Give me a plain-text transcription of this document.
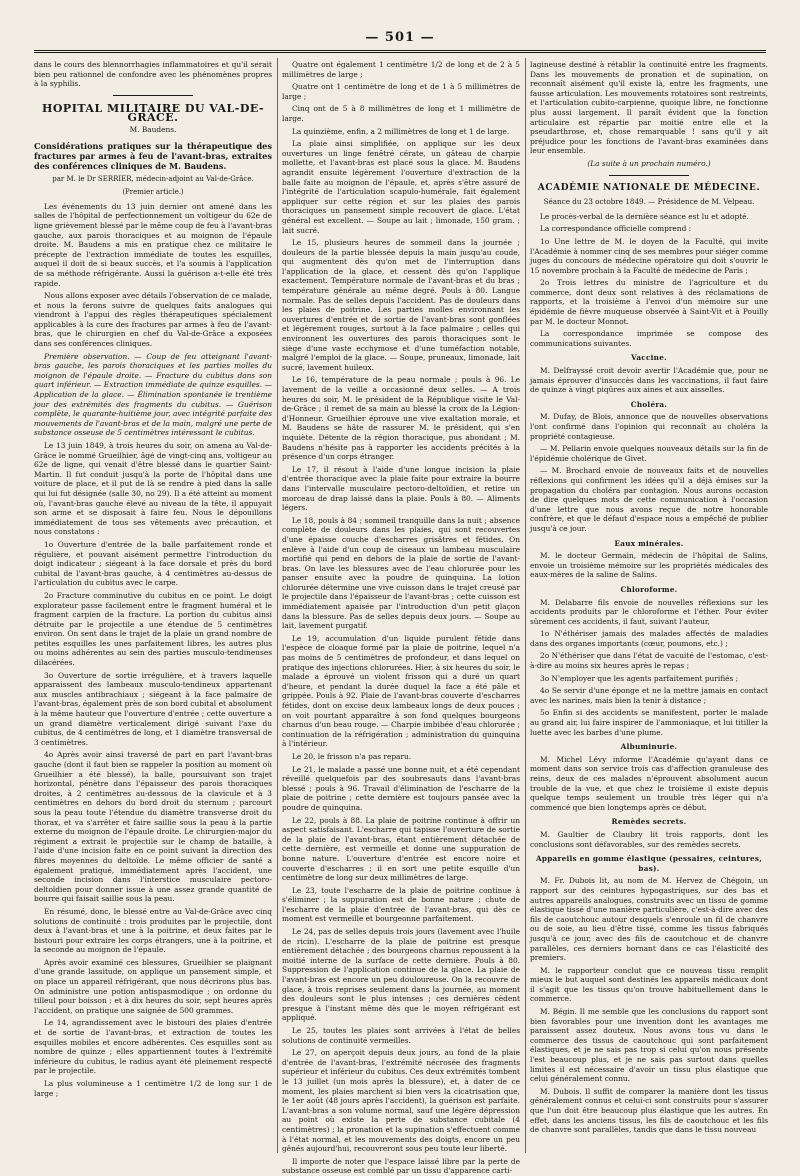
— 501 —

dans le cours des blennorrhagies inflammatoires et qu'il serait bien peu rationnel de confondre avec les phénomènes propres à la syphilis.

HOPITAL MILITAIRE DU VAL-DE-GRACE.
M. Baudens.

Considérations pratiques sur la thérapeutique des fractures par armes à feu de l'avant-bras, extraites des conférences cliniques de M. Baudens.

par M. le Dr SERRIER, médecin-adjoint au Val-de-Grâce.
(Premier article.)

Les événements du 13 juin dernier ont amené dans les salles de l'hôpital de perfectionnement un voltigeur du 62e de ligne grièvement blessé par le même coup de feu à l'avant-bras gauche, aux parois thoraciques et au moignon de l'épaule droite. M. Baudens a mis en pratique chez ce militaire le précepte de l'extraction immédiate de toutes les esquilles, auquel il doit de si beaux succès, et l'a soumis à l'application de sa méthode réfrigérante. Aussi la guérison a-t-elle été très rapide.

Nous allons exposer avec détails l'observation de ce malade, et nous la ferons suivre de quelques faits analogues qui viendront à l'appui des règles thérapeutiques spécialement applicables à la cure des fractures par armes à feu de l'avant-bras, que le chirurgien en chef du Val-de-Grâce a exposées dans ses conférences cliniques.

Première observation. — Coup de feu atteignant l'avant-bras gauche, les parois thoraciques et les parties molles du moignon de l'épaule droite. — Fracture du cubitus dans son quart inférieur. — Extraction immédiate de quinze esquilles. — Application de la glace. — Élimination spontanée le trentième jour des extrémités des fragments du cubitus. — Guérison complète, le quarante-huitième jour, avec intégrité parfaite des mouvements de l'avant-bras et de la main, malgré une perte de substance osseuse de 5 centimètres intéressant le cubitus.

Le 13 juin 1849, à trois heures du soir, on amena au Val-de-Grâce le nommé Grueilhier, âgé de vingt-cinq ans, voltigeur au 62e de ligne, qui venait d'être blessé dans le quartier Saint-Martin. Il fut conduit jusqu'à la porte de l'hôpital dans une voiture de place, et il put de là se rendre à pied dans la salle qui lui fut désignée (salle 30, no 29). Il a été atteint au moment où, l'avant-bras gauche élevé au niveau de la tête, il appuyait son arme et se disposait à faire feu. Nous le dépouillons immédiatement de tous ses vêtements avec précaution, et nous constatons :

1o Ouverture d'entrée de la balle parfaitement ronde et régulière, et pouvant aisément permettre l'introduction du doigt indicateur ; siégeant à la face dorsale et près du bord cubital de l'avant-bras gauche, à 4 centimètres au-dessus de l'articulation du cubitus avec le carpe.

2o Fracture comminutive du cubitus en ce point. Le doigt explorateur passe facilement entre le fragment huméral et le fragment carpien de la fracture. La portion du cubitus ainsi détruite par le projectile a une étendue de 5 centimètres environ. On sent dans le trajet de la plaie un grand nombre de petites esquilles les unes parfaitement libres, les autres plus ou moins adhérentes au sein des parties musculo-tendineuses dilacérées.

3o Ouverture de sortie irrégulière, et à travers laquelle apparaissent des lambeaux musculo-tendineux appartenant aux muscles antibrachiaux ; siégeant à la face palmaire de l'avant-bras, également près de son bord cubital et absolument à la même hauteur que l'ouverture d'entrée ; cette ouverture a un grand diamètre verticalement dirigé suivant l'axe du cubitus, de 4 centimètres de long, et 1 diamètre transversal de 3 centimètres.

4o Après avoir ainsi traversé de part en part l'avant-bras gauche (dont il faut bien se rappeler la position au moment où Grueilhier a été blessé), la balle, poursuivant son trajet horizontal, pénètre dans l'épaisseur des parois thoraciques droites, à 2 centimètres au-dessous de la clavicule et à 3 centimètres en dehors du bord droit du sternum ; parcourt sous la peau toute l'étendue du diamètre transverse droit du thorax, et va s'arrêter et faire saillie sous la peau à la partie externe du moignon de l'épaule droite. Le chirurgien-major du régiment a extrait le projectile sur le champ de bataille, à l'aide d'une incision faite en ce point suivant la direction des fibres moyennes du deltoïde. Le même officier de santé a également pratiqué, immédiatement après l'accident, une seconde incision dans l'interstice musculaire pectoro-deltoïdien pour donner issue à une assez grande quantité de bourre qui faisait saillie sous la peau.

En résumé, donc, le blessé entre au Val-de-Grâce avec cinq solutions de continuité : trois produites par le projectile, dont deux à l'avant-bras et une à la poitrine, et deux faites par le bistouri pour extraire les corps étrangers, une à la poitrine, et la seconde au moignon de l'épaule.

Après avoir examiné ces blessures, Grueilhier se plaignant d'une grande lassitude, on applique un pansement simple, et on place un appareil réfrigérant, que nous décrirons plus bas. On administre une potion antispasmodique ; on ordonne du tilleul pour boisson ; et à dix heures du soir, sept heures après l'accident, on pratique une saignée de 500 grammes.

Le 14, agrandissement avec le bistouri des plaies d'entrée et de sortie de l'avant-bras, et extraction de toutes les esquilles mobiles et encore adhérentes. Ces esquilles sont au nombre de quinze ; elles appartiennent toutes à l'extrémité inférieure du cubitus, le radius ayant été pleinement respecté par le projectile.

La plus volumineuse a 1 centimètre 1/2 de long sur 1 de large ;

Quatre ont également 1 centimètre 1/2 de long et de 2 à 5 millimètres de large ;

Quatre ont 1 centimètre de long et de 1 à 5 millimètres de large ;

Cinq ont de 5 à 8 millimètres de long et 1 millimètre de large.

La quinzième, enfin, a 2 millimètres de long et 1 de large.

La plaie ainsi simplifiée, on applique sur les deux ouvertures un linge fenêtré cérate, un gâteau de charpie mollette, et l'avant-bras est placé sous la glace. M. Baudens agrandit ensuite légèrement l'ouverture d'extraction de la balle faite au moignon de l'épaule, et, après s'être assuré de l'intégrité de l'articulation scapulo-humérale, fait également appliquer sur cette région et sur les plaies des parois thoraciques un pansement simple recouvert de glace. L'état général est excellent. — Soupe au lait ; limonade, 150 gram. ; lait sucré.

Le 15, plusieurs heures de sommeil dans la journée ; douleurs de la partie blessée depuis la main jusqu'au coude, qui augmentent dès qu'on met de l'interruption dans l'application de la glace, et cessent dès qu'on l'applique exactement. Température normale de l'avant-bras et du bras ; température générale au même degré. Pouls à 80. Langue normale. Pas de selles depuis l'accident. Pas de douleurs dans les plaies de poitrine. Les parties molles environnant les ouvertures d'entrée et de sortie de l'avant-bras sont gonflées et légèrement rouges, surtout à la face palmaire ; celles qui environnent les ouvertures des parois thoraciques sont le siège d'une vaste ecchymose et d'une tuméfaction notable, malgré l'emploi de la glace. — Soupe, pruneaux, limonade, lait sucré, lavement huileux.

Le 16, température de la peau normale ; pouls à 96. Le lavement de la veille a occasionné deux selles. — A trois heures du soir, M. le président de la République visite le Val-de-Grâce ; il remet de sa main au blessé la croix de la Légion-d'Honneur. Grueilhier éprouve une vive exaltation morale, et M. Baudens se hâte de rassurer M. le président, qui s'en inquiète. Détente de la région thoracique, pus abondant ; M. Baudens n'hésite pas à rapporter les accidents précités à la présence d'un corps étranger.

Le 17, il résout à l'aide d'une longue incision la plaie d'entrée thoracique avec la plaie faite pour extraire la bourre dans l'intervalle musculaire pectoro-deltoïdien, et retire un morceau de drap laissé dans la plaie. Pouls à 80. — Aliments légers.

Le 18, pouls à 84 ; sommeil tranquille dans la nuit ; absence complète de douleurs dans les plaies, qui sont recouvertes d'une épaisse couche d'escharres grisâtres et fétides. On enlève à l'aide d'un coup de ciseaux un lambeau musculaire mortifié qui pend en dehors de la plaie de sortie de l'avant-bras. On lave les blessures avec de l'eau chlorurée pour les panser ensuite avec la poudre de quinquina. La lotion chlorurée détermine une vive cuisson dans le trajet creusé par le projectile dans l'épaisseur de l'avant-bras ; cette cuisson est immédiatement apaisée par l'introduction d'un petit glaçon dans la blessure. Pas de selles depuis deux jours. — Soupe au lait, lavement purgatif.

Le 19, accumulation d'un liquide purulent fétide dans l'espèce de cloaque formé par la plaie de poitrine, lequel n'a pas moins de 5 centimètres de profondeur, et dans lequel on pratique des injections chlorurées. Hier, à six heures du soir, le malade a éprouvé un violent frisson qui a duré un quart d'heure, et pendant la durée duquel la face a été pâle et grippée. Pouls à 92. Plaie de l'avant-bras couverte d'escharres fétides, dont on excise deux lambeaux longs de deux pouces ; on voit pourtant apparaître à son fond quelques bourgeons charnus d'un beau rouge. — Charpie imbibée d'eau chlorurée ; continuation de la réfrigération ; administration du quinquina à l'intérieur.

Le 20, le frisson n'a pas reparu.

Le 21, le malade a passé une bonne nuit, et a été cependant réveillé quelquefois par des soubresauts dans l'avant-bras blessé ; pouls à 96. Travail d'élimination de l'escharre de la plaie de poitrine ; cette dernière est toujours pansée avec la poudre de quinquina.

Le 22, pouls à 88. La plaie de poitrine continue à offrir un aspect satisfaisant. L'escharre qui tapisse l'ouverture de sortie de la plaie de l'avant-bras, étant entièrement détachée de cette dernière, est vermeille et donne une suppuration de bonne nature. L'ouverture d'entrée est encore noire et couverte d'escharres ; il en sort une petite esquille d'un centimètre de long sur deux millimètres de large.

Le 23, toute l'escharre de la plaie de poitrine continue à s'éliminer ; la suppuration est de bonne nature ; chute de l'escharre de la plaie d'entrée de l'avant-bras, qui dès ce moment est vermeille et bourgeonne parfaitement.

Le 24, pas de selles depuis trois jours (lavement avec l'huile de ricin). L'escharre de la plaie de poitrine est presque entièrement détachée ; des bourgeons charnus repoussent à la moitié interne de la surface de cette dernière. Pouls à 80. Suppression de l'application continue de la glace. La plaie de l'avant-bras est encore un peu douloureuse. On la recouvre de glace, à trois reprises seulement dans la journée, au moment des douleurs sont le plus intenses ; ces dernières cèdent presque à l'instant même dès que le moyen réfrigérant est appliqué.

Le 25, toutes les plaies sont arrivées à l'état de belles solutions de continuité vermeilles.

Le 27, on aperçoit depuis deux jours, au fond de la plaie d'entrée de l'avant-bras, l'extrémité nécrosée des fragments supérieur et inférieur du cubitus. Ces deux extrémités tombent le 13 juillet (un mois après la blessure), et, à dater de ce moment, les plaies marchent si bien vers la cicatrisation que, le 1er août (48 jours après l'accident), la guérison est parfaite. L'avant-bras a son volume normal, sauf une légère dépression au point où existe la perte de substance cubitale (4 centimètres) ; la pronation et la supination s'effectuent comme à l'état normal, et les mouvements des doigts, encore un peu gênés aujourd'hui, recouvreront sous peu toute leur liberté.

Il importe de noter que l'espace laissé libre par la perte de substance osseuse est comblé par un tissu d'apparence carti-

lagineuse destiné à rétablir la continuité entre les fragments. Dans les mouvements de pronation et de supination, on reconnaît aisément qu'il existe là, entre les fragments, une fausse articulation. Les mouvements rotatoires sont restreints, et l'articulation cubito-carpienne, quoique libre, ne fonctionne plus aussi largement. Il paraît évident que la fonction articulaire est répartie par moitié entre elle et la pseudarthrose, et, chose remarquable ! sans qu'il y ait préjudice pour les fonctions de l'avant-bras examinées dans leur ensemble.

(La suite à un prochain numéro.)

ACADÉMIE NATIONALE DE MÉDECINE.
Séance du 23 octobre 1849. — Présidence de M. Velpeau.

Le procès-verbal de la dernière séance est lu et adopté.

La correspondance officielle comprend :

1o Une lettre de M. le doyen de la Faculté, qui invite l'Académie à nommer cinq de ses membres pour siéger comme juges du concours de médecine opératoire qui doit s'ouvrir le 15 novembre prochain à la Faculté de médecine de Paris ;

2o Trois lettres du ministre de l'agriculture et du commerce, dont deux sont relatives à des réclamations de rapports, et la troisième à l'envoi d'un mémoire sur une épidémie de fièvre muqueuse observée à Saint-Vit et à Pouilly par M. le docteur Monnot.

La correspondance imprimée se compose des communications suivantes.

Vaccine.

M. Delfrayssé croit devoir avertir l'Académie que, pour ne jamais éprouver d'insuccès dans les vaccinations, il faut faire de quinze à vingt piqûres aux aines et aux aisselles.

Choléra.

M. Dufay, de Blois, annonce que de nouvelles observations l'ont confirmé dans l'opinion qui reconnaît au choléra la propriété contagieuse.

— M. Pellarin envoie quelques nouveaux détails sur la fin de l'épidémie cholérique de Givet.

— M. Brochard envoie de nouveaux faits et de nouvelles réflexions qui confirment les idées qu'il a déjà émises sur la propagation du choléra par contagion. Nous aurons occasion de dire quelques mots de cette communication à l'occasion d'une lettre que nous avons reçue de notre honorable confrère, et que le défaut d'espace nous a empêché de publier jusqu'à ce jour.

Eaux minérales.

M. le docteur Germain, médecin de l'hôpital de Salins, envoie un troisième mémoire sur les propriétés médicales des eaux-mères de la saline de Salins.

Chloroforme.

M. Delabarre fils envoie de nouvelles réflexions sur les accidents produits par le chloroforme et l'éther. Pour éviter sûrement ces accidents, il faut, suivant l'auteur,

1o N'éthériser jamais des malades affectés de maladies dans des organes importants (cœur, poumons, etc.) ;

2o N'éthériser que dans l'état de vacuité de l'estomac, c'est-à-dire au moins six heures après le repas ;

3o N'employer que les agents parfaitement purifiés ;

4o Se servir d'une éponge et ne la mettre jamais en contact avec les narines, mais bien la tenir à distance ;

5o Enfin si des accidents se manifestent, porter le malade au grand air, lui faire inspirer de l'ammoniaque, et lui titiller la luette avec les barbes d'une plume.

Albuminurie.

M. Michel Lévy informe l'Académie qu'ayant dans ce moment dans son service trois cas d'affection granuleuse des reins, deux de ces malades n'éprouvent absolument aucun trouble de la vue, et que chez le troisième il existe depuis quelque temps seulement un trouble très léger qui n'a commencé que bien longtemps après ce début.

Remèdes secrets.

M. Gaultier de Claubry lit trois rapports, dont les conclusions sont défavorables, sur des remèdes secrets.

Appareils en gomme élastique (pessaires, ceintures, bas).

M. Fr. Dubois lit, au nom de M. Hervez de Chégoin, un rapport sur des ceintures hypogastriques, sur des bas et autres appareils analogues, construits avec un tissu de gomme élastique tissé d'une manière particulière, c'est-à-dire avec des fils de caoutchouc autour desquels s'enroule un fil de chanvre ou de soie, au lieu d'être tissé, comme les tissus fabriqués jusqu'à ce jour, avec des fils de caoutchouc et de chanvre parallèles, ces derniers bornant dans ce cas l'élasticité des premiers.

M. le rapporteur conclut que ce nouveau tissu remplit mieux le but auquel sont destinés les appareils médicaux dont il s'agit que les tissus qu'on trouve habituellement dans le commerce.

M. Bégin. Il me semble que les conclusions du rapport sont bien favorables pour une invention dont les avantages me paraissent assez douteux. Nous avons tous vu dans le commerce des tissus de caoutchouc qui sont parfaitement élastiques, et je ne sais pas trop si celui qu'on nous présente l'est beaucoup plus, et je ne sais pas surtout dans quelles limites il est nécessaire d'avoir un tissu plus élastique que celui généralement connu.

M. Dubois. Il suffit de comparer la manière dont les tissus généralement connus et celui-ci sont construits pour s'assurer que l'un doit être beaucoup plus élastique que les autres. En effet, dans les anciens tissus, les fils de caoutchouc et les fils de chanvre sont parallèles, tandis que dans le tissu nouveau
